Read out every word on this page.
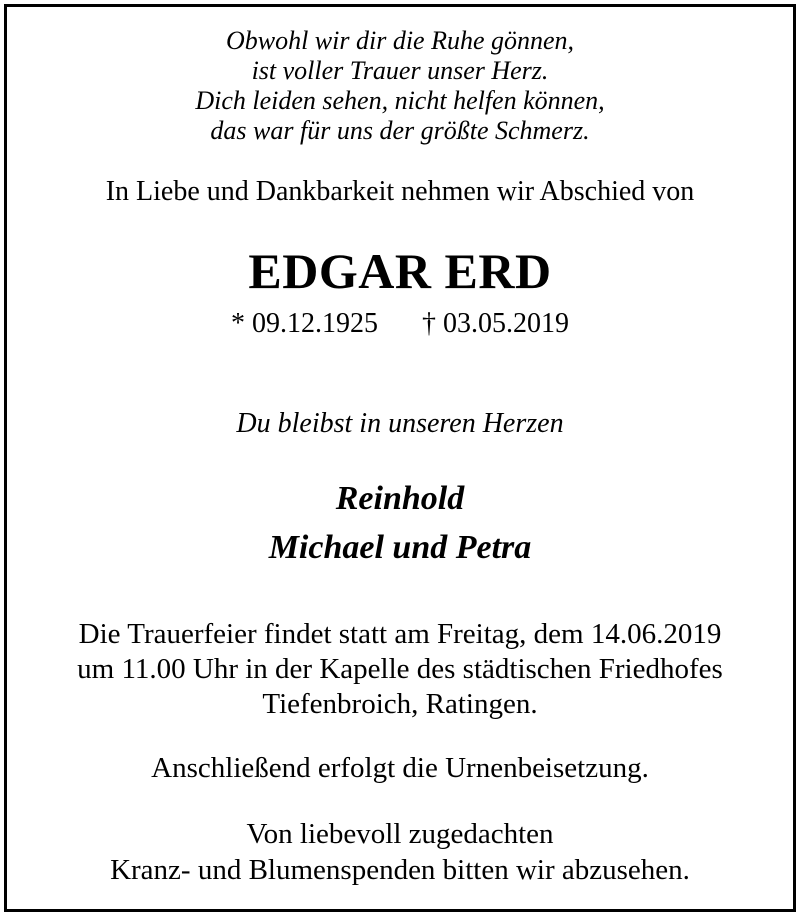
Obwohl wir dir die Ruhe gönnen,
ist voller Trauer unser Herz.
Dich leiden sehen, nicht helfen können,
das war für uns der größte Schmerz.
In Liebe und Dankbarkeit nehmen wir Abschied von
EDGAR ERD
* 09.12.1925 † 03.05.2019
Du bleibst in unseren Herzen
Reinhold
Michael und Petra
Die Trauerfeier findet statt am Freitag, dem 14.06.2019
um 11.00 Uhr in der Kapelle des städtischen Friedhofes
Tiefenbroich, Ratingen.
Anschließend erfolgt die Urnenbeisetzung.
Von liebevoll zugedachten
Kranz- und Blumenspenden bitten wir abzusehen.
